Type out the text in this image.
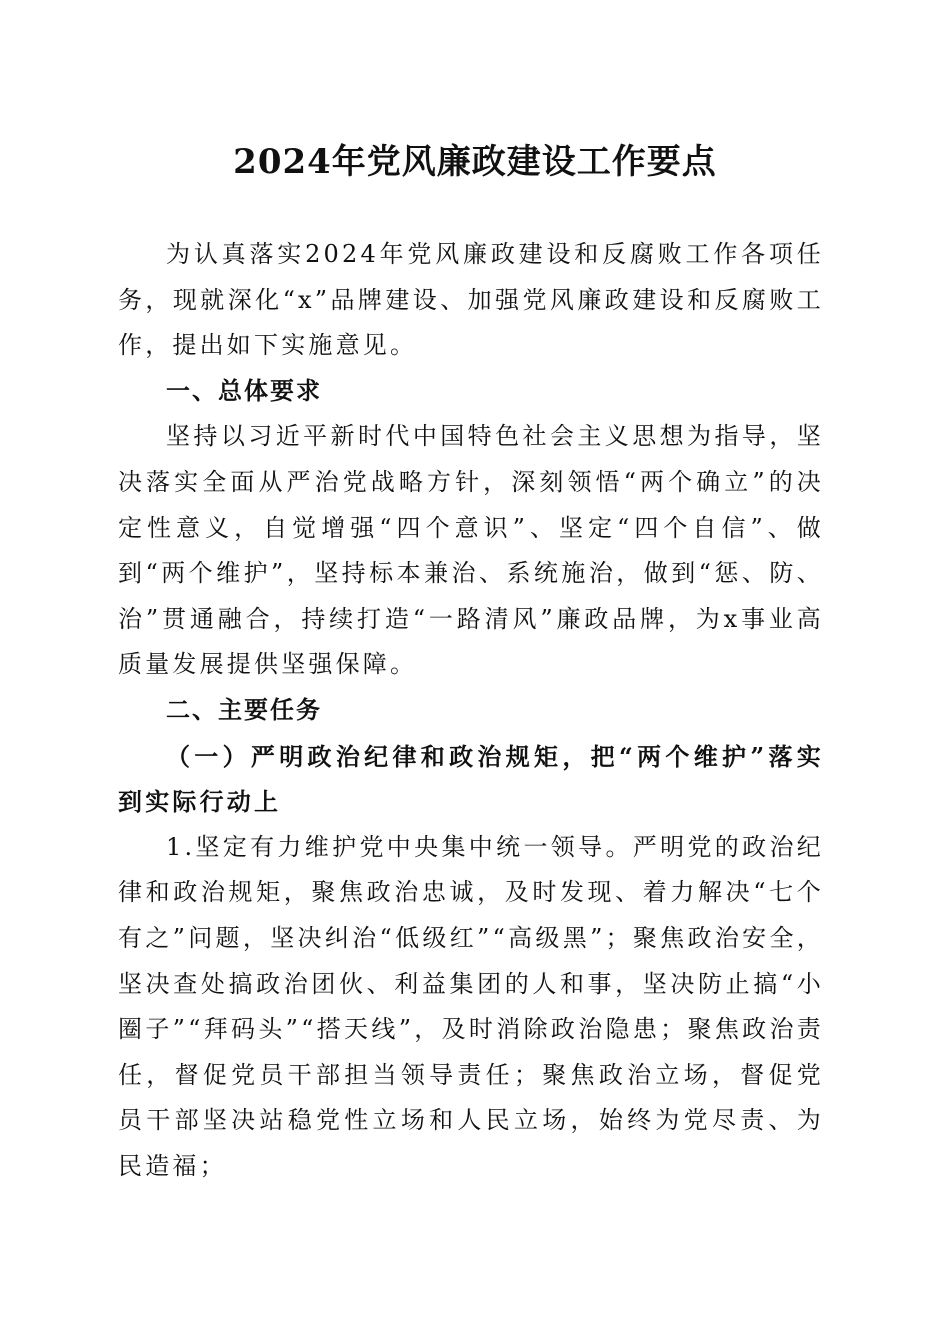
2024年党风廉政建设工作要点

为认真落实2024年党风廉政建设和反腐败工作各项任务，现就深化“x”品牌建设、加强党风廉政建设和反腐败工作，提出如下实施意见。

一、总体要求

坚持以习近平新时代中国特色社会主义思想为指导，坚决落实全面从严治党战略方针，深刻领悟“两个确立”的决定性意义，自觉增强“四个意识”、坚定“四个自信”、做到“两个维护”，坚持标本兼治、系统施治，做到“惩、防、治”贯通融合，持续打造“一路清风”廉政品牌，为x事业高质量发展提供坚强保障。

二、主要任务

（一）严明政治纪律和政治规矩，把“两个维护”落实到实际行动上

1.坚定有力维护党中央集中统一领导。严明党的政治纪律和政治规矩，聚焦政治忠诚，及时发现、着力解决“七个有之”问题，坚决纠治“低级红”“高级黑”；聚焦政治安全，坚决查处搞政治团伙、利益集团的人和事，坚决防止搞“小圈子”“拜码头”“搭天线”，及时消除政治隐患；聚焦政治责任，督促党员干部担当领导责任；聚焦政治立场，督促党员干部坚决站稳党性立场和人民立场，始终为党尽责、为民造福；
